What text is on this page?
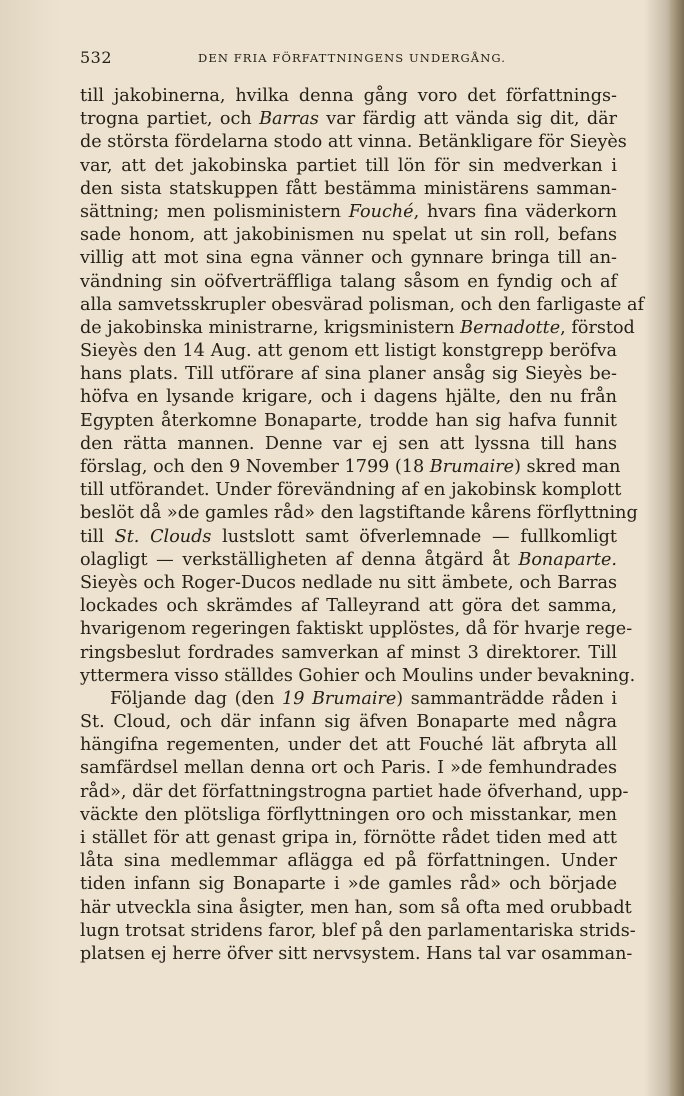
532	DEN FRIA FÖRFATTNINGENS UNDERGÅNG.
till jakobinerna, hvilka denna gång voro det författnings-
trogna partiet, och Barras var färdig att vända sig dit, där
de största fördelarna stodo att vinna. Betänkligare för Sieyès
var, att det jakobinska partiet till lön för sin medverkan i
den sista statskuppen fått bestämma ministärens samman-
sättning; men polisministern Fouché, hvars fina väderkorn
sade honom, att jakobinismen nu spelat ut sin roll, befans
villig att mot sina egna vänner och gynnare bringa till an-
vändning sin oöfverträffliga talang såsom en fyndig och af
alla samvetsskrupler obesvärad polisman, och den farligaste af
de jakobinska ministrarne, krigsministern Bernadotte, förstod
Sieyès den 14 Aug. att genom ett listigt konstgrepp beröfva
hans plats. Till utförare af sina planer ansåg sig Sieyès be-
höfva en lysande krigare, och i dagens hjälte, den nu från
Egypten återkomne Bonaparte, trodde han sig hafva funnit
den rätta mannen. Denne var ej sen att lyssna till hans
förslag, och den 9 November 1799 (18 Brumaire) skred man
till utförandet. Under förevändning af en jakobinsk komplott
beslöt då »de gamles råd» den lagstiftande kårens förflyttning
till St. Clouds lustslott samt öfverlemnade — fullkomligt
olagligt — verkställigheten af denna åtgärd åt Bonaparte.
Sieyès och Roger-Ducos nedlade nu sitt ämbete, och Barras
lockades och skrämdes af Talleyrand att göra det samma,
hvarigenom regeringen faktiskt upplöstes, då för hvarje rege-
ringsbeslut fordrades samverkan af minst 3 direktorer. Till
yttermera visso ställdes Gohier och Moulins under bevakning.
Följande dag (den 19 Brumaire) sammanträdde råden i
St. Cloud, och där infann sig äfven Bonaparte med några
hängifna regementen, under det att Fouché lät afbryta all
samfärdsel mellan denna ort och Paris. I »de femhundrades
råd», där det författningstrogna partiet hade öfverhand, upp-
väckte den plötsliga förflyttningen oro och misstankar, men
i stället för att genast gripa in, förnötte rådet tiden med att
låta sina medlemmar aflägga ed på författningen. Under
tiden infann sig Bonaparte i »de gamles råd» och började
här utveckla sina åsigter, men han, som så ofta med orubbadt
lugn trotsat stridens faror, blef på den parlamentariska strids-
platsen ej herre öfver sitt nervsystem. Hans tal var osamman-
